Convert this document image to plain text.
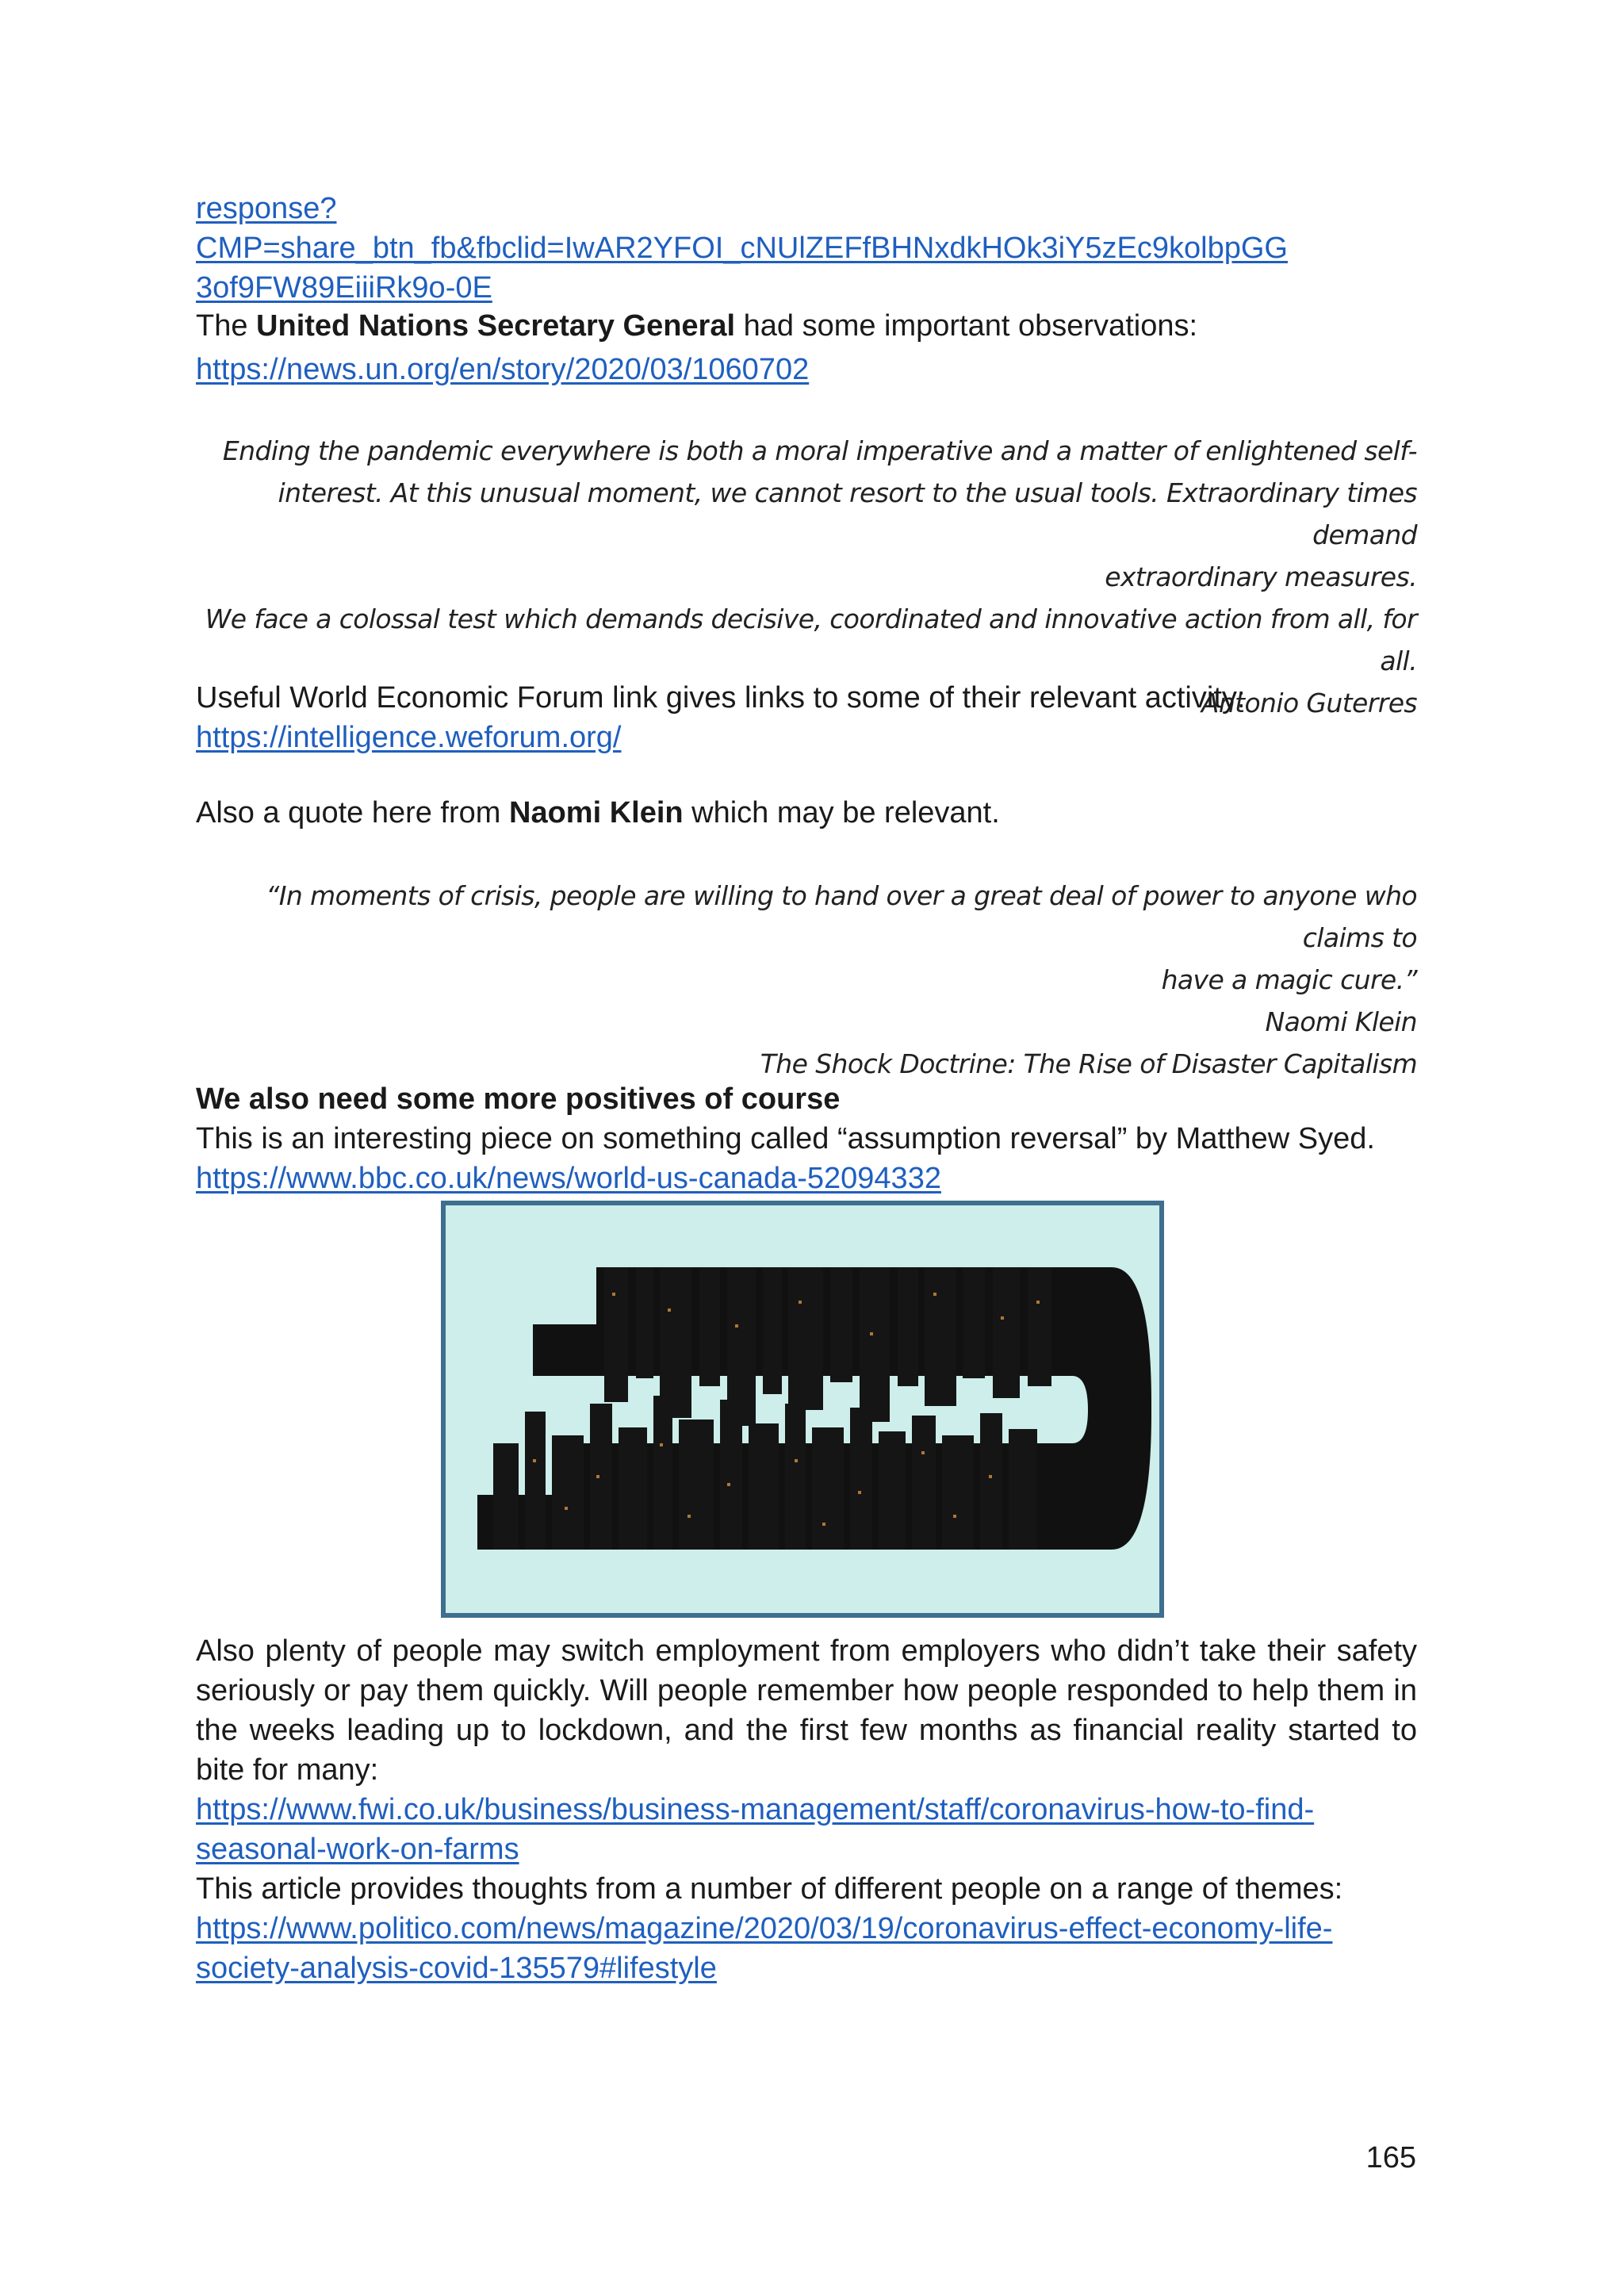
response?CMP=share_btn_fb&fbclid=IwAR2YFOI_cNUlZEFfBHNxdkHOk3iY5zEc9kolbpGG
3of9FW89EiiiRk9o-0E
The United Nations Secretary General had some important observations:
https://news.un.org/en/story/2020/03/1060702
Ending the pandemic everywhere is both a moral imperative and a matter of enlightened self-
interest. At this unusual moment, we cannot resort to the usual tools. Extraordinary times demand
extraordinary measures.
We face a colossal test which demands decisive, coordinated and innovative action from all, for all.
Antonio Guterres
Useful World Economic Forum link gives links to some of their relevant activity:
https://intelligence.weforum.org/
Also a quote here from Naomi Klein which may be relevant.
“In moments of crisis, people are willing to hand over a great deal of power to anyone who claims to
have a magic cure.”
Naomi Klein
The Shock Doctrine: The Rise of Disaster Capitalism
We also need some more positives of course
This is an interesting piece on something called “assumption reversal” by Matthew Syed.
https://www.bbc.co.uk/news/world-us-canada-52094332
Also plenty of people may switch employment from employers who didn’t take their safety seriously or pay them quickly. Will people remember how people responded to help them in the weeks leading up to lockdown, and the first few months as financial reality started to bite for many:
https://www.fwi.co.uk/business/business-management/staff/coronavirus-how-to-find-
seasonal-work-on-farms
This article provides thoughts from a number of different people on a range of themes:
https://www.politico.com/news/magazine/2020/03/19/coronavirus-effect-economy-life-
society-analysis-covid-135579#lifestyle
165
